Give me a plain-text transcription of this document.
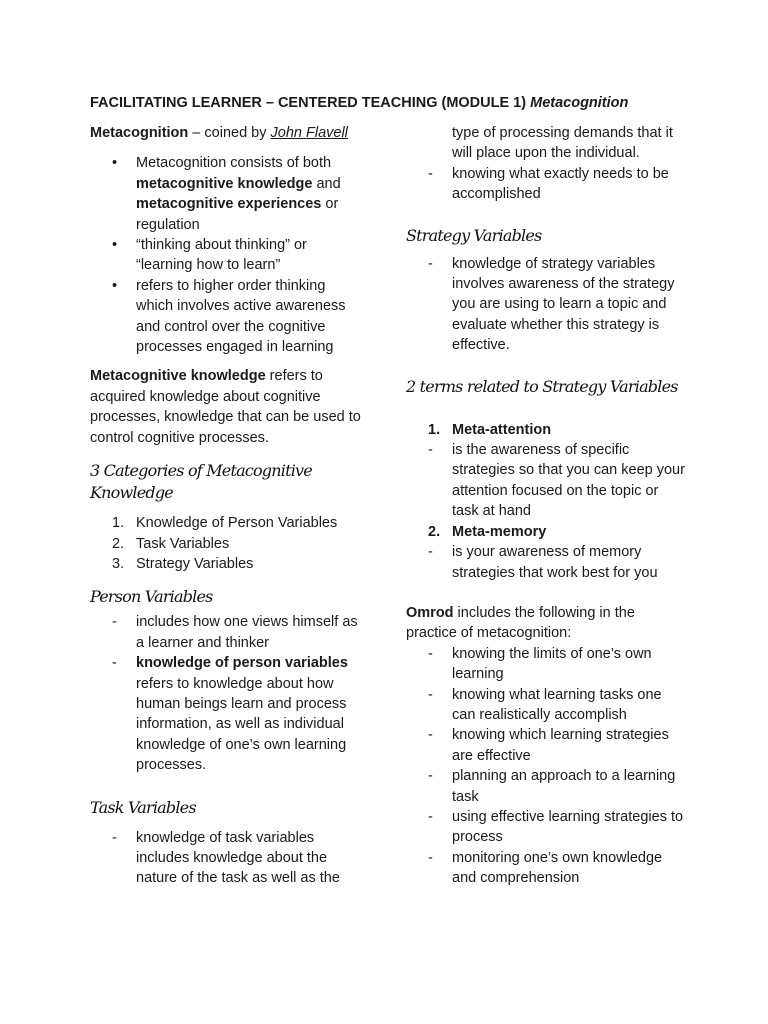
FACILITATING LEARNER – CENTERED TEACHING (MODULE 1) Metacognition

Metacognition – coined by John Flavell

• Metacognition consists of both metacognitive knowledge and metacognitive experiences or regulation
• “thinking about thinking” or “learning how to learn”
• refers to higher order thinking which involves active awareness and control over the cognitive processes engaged in learning

Metacognitive knowledge refers to acquired knowledge about cognitive processes, knowledge that can be used to control cognitive processes.

3 Categories of Metacognitive Knowledge
1. Knowledge of Person Variables
2. Task Variables
3. Strategy Variables
Person Variables
- includes how one views himself as a learner and thinker
- knowledge of person variables refers to knowledge about how human beings learn and process information, as well as individual knowledge of one’s own learning processes.
Task Variables
- knowledge of task variables includes knowledge about the nature of the task as well as the
type of processing demands that it will place upon the individual.
- knowing what exactly needs to be accomplished
Strategy Variables
- knowledge of strategy variables involves awareness of the strategy you are using to learn a topic and evaluate whether this strategy is effective.
2 terms related to Strategy Variables
1. Meta-attention
- is the awareness of specific strategies so that you can keep your attention focused on the topic or task at hand
2. Meta-memory
- is your awareness of memory strategies that work best for you

Omrod includes the following in the practice of metacognition:

- knowing the limits of one’s own learning
- knowing what learning tasks one can realistically accomplish
- knowing which learning strategies are effective
- planning an approach to a learning task
- using effective learning strategies to process
- monitoring one’s own knowledge and comprehension
